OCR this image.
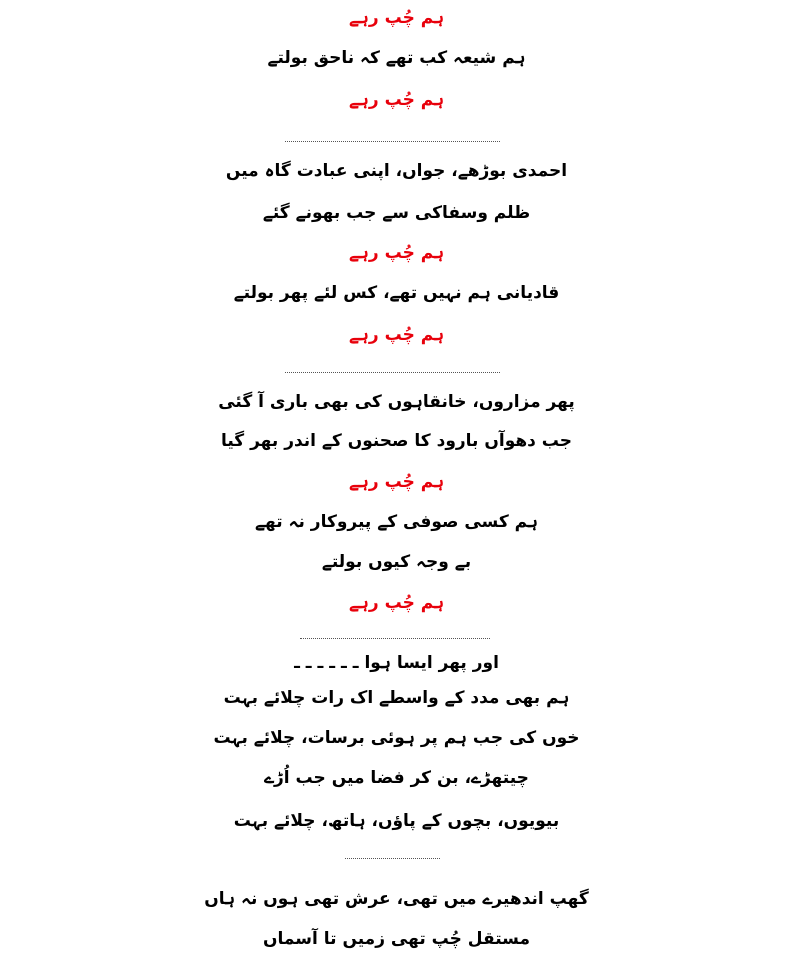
ہم چُپ رہے
ہم شیعہ کب تھے کہ ناحق بولتے
ہم چُپ رہے
احمدی بوڑھے، جواں، اپنی عبادت گاہ میں
ظلم وسفاکی سے جب بھونے گئے
ہم چُپ رہے
قادیانی ہم نہیں تھے، کس لئے پھر بولتے
ہم چُپ رہے
پھر مزاروں، خانقاہوں کی بھی باری آ گئی
جب دھوآں بارود کا صحنوں کے اندر بھر گیا
ہم چُپ رہے
ہم کسی صوفی کے پیروکار نہ تھے
بے وجہ کیوں بولتے
ہم چُپ رہے
اور پھر ایسا ہوا ـ ـ ـ ـ ـ ـ
ہم بھی مدد کے واسطے اک رات چلائے بہت
خوں کی جب ہم پر ہوئی برسات، چلائے بہت
چیتھڑے، بن کر فضا میں جب اُڑے
بیویوں، بچوں کے پاؤں، ہاتھ، چلائے بہت
گھپ اندھیرے میں تھی، عرش تھی ہوں نہ ہاں
مستقل چُپ تھی زمیں تا آسماں
